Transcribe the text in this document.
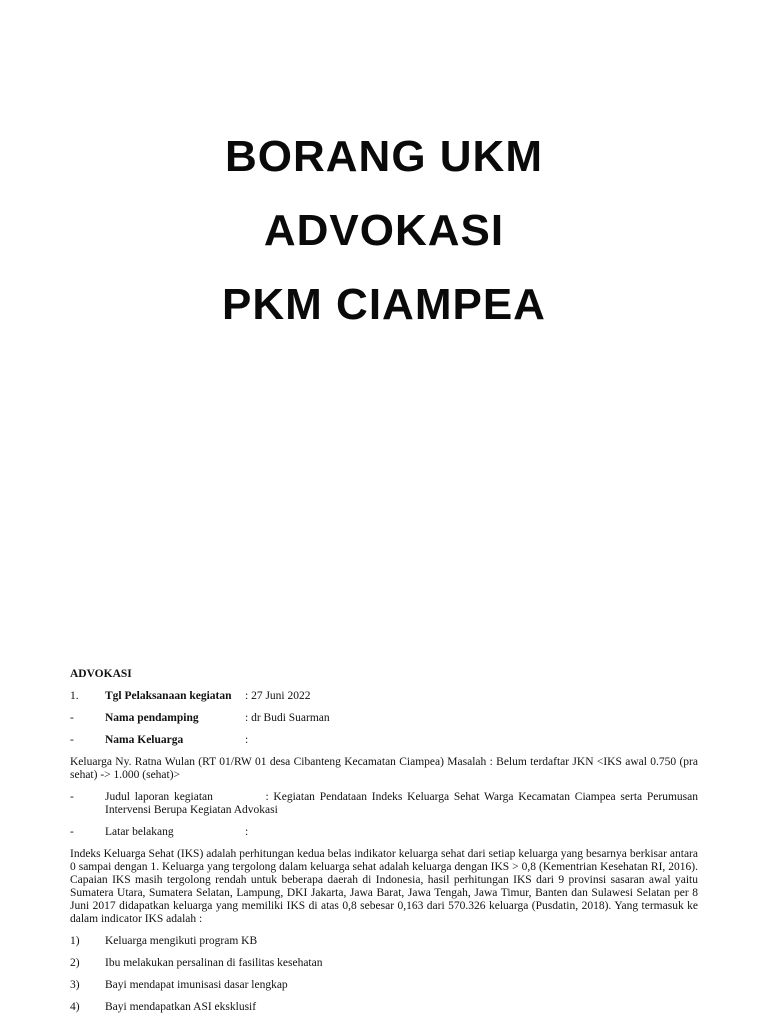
BORANG UKM
ADVOKASI
PKM CIAMPEA
ADVOKASI
1.	Tgl Pelaksanaan kegiatan	: 27 Juni 2022
-	Nama pendamping	: dr Budi Suarman
-	Nama Keluarga	:
Keluarga Ny. Ratna Wulan (RT 01/RW 01 desa Cibanteng Kecamatan Ciampea) Masalah : Belum terdaftar JKN <IKS awal 0.750 (pra sehat) -> 1.000 (sehat)>
-	Judul laporan kegiatan	: Kegiatan Pendataan Indeks Keluarga Sehat Warga Kecamatan Ciampea serta Perumusan Intervensi Berupa Kegiatan Advokasi
-	Latar belakang	:
Indeks Keluarga Sehat (IKS) adalah perhitungan kedua belas indikator keluarga sehat dari setiap keluarga yang besarnya berkisar antara 0 sampai dengan 1. Keluarga yang tergolong dalam keluarga sehat adalah keluarga dengan IKS > 0,8 (Kementrian Kesehatan RI, 2016). Capaian IKS masih tergolong rendah untuk beberapa daerah di Indonesia, hasil perhitungan IKS dari 9 provinsi sasaran awal yaitu Sumatera Utara, Sumatera Selatan, Lampung, DKI Jakarta, Jawa Barat, Jawa Tengah, Jawa Timur, Banten dan Sulawesi Selatan per 8 Juni 2017 didapatkan keluarga yang memiliki IKS di atas 0,8 sebesar 0,163 dari 570.326 keluarga (Pusdatin, 2018). Yang termasuk ke dalam indicator IKS adalah :
1)	Keluarga mengikuti program KB
2)	Ibu melakukan persalinan di fasilitas kesehatan
3)	Bayi mendapat imunisasi dasar lengkap
4)	Bayi mendapatkan ASI eksklusif
